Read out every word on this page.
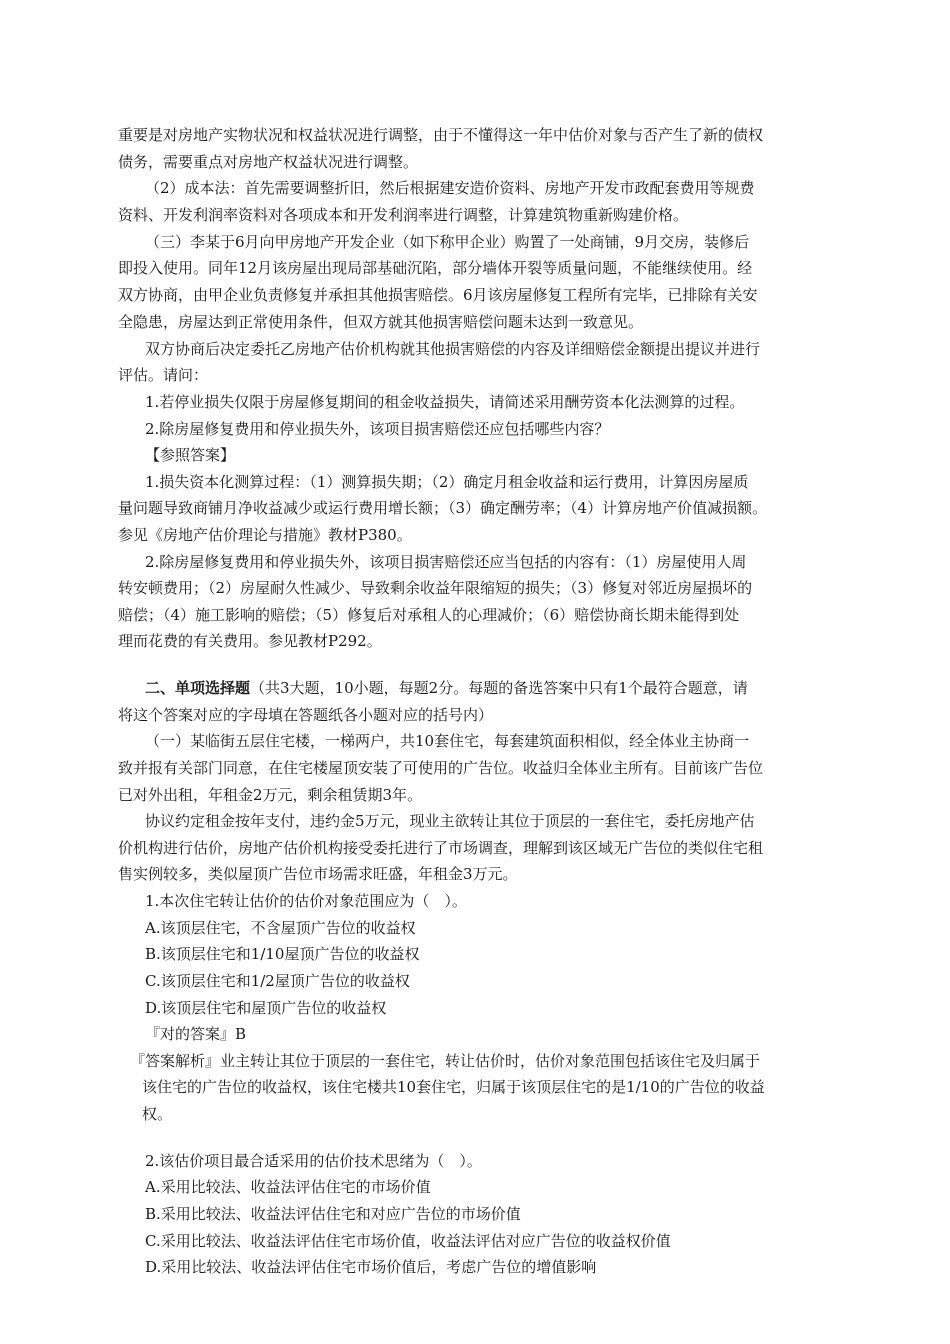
重要是对房地产实物状况和权益状况进行调整，由于不懂得这一年中估价对象与否产生了新的债权
债务，需要重点对房地产权益状况进行调整。
（2）成本法：首先需要调整折旧，然后根据建安造价资料、房地产开发市政配套费用等规费
资料、开发利润率资料对各项成本和开发利润率进行调整，计算建筑物重新购建价格。
（三）李某于6月向甲房地产开发企业（如下称甲企业）购置了一处商铺，9月交房，装修后
即投入使用。同年12月该房屋出现局部基础沉陷，部分墙体开裂等质量问题，不能继续使用。经
双方协商，由甲企业负责修复并承担其他损害赔偿。6月该房屋修复工程所有完毕，已排除有关安
全隐患，房屋达到正常使用条件，但双方就其他损害赔偿问题未达到一致意见。
双方协商后决定委托乙房地产估价机构就其他损害赔偿的内容及详细赔偿金额提出提议并进行
评估。请问：
1.若停业损失仅限于房屋修复期间的租金收益损失，请简述采用酬劳资本化法测算的过程。
2.除房屋修复费用和停业损失外，该项目损害赔偿还应包括哪些内容？
【参照答案】
1.损失资本化测算过程：（1）测算损失期；（2）确定月租金收益和运行费用，计算因房屋质
量问题导致商铺月净收益减少或运行费用增长额；（3）确定酬劳率；（4）计算房地产价值减损额。
参见《房地产估价理论与措施》教材P380。
2.除房屋修复费用和停业损失外，该项目损害赔偿还应当包括的内容有：（1）房屋使用人周
转安顿费用；（2）房屋耐久性减少、导致剩余收益年限缩短的损失；（3）修复对邻近房屋损坏的
赔偿；（4）施工影响的赔偿；（5）修复后对承租人的心理减价；（6）赔偿协商长期未能得到处
理而花费的有关费用。参见教材P292。
二、单项选择题（共3大题，10小题，每题2分。每题的备选答案中只有1个最符合题意，请
将这个答案对应的字母填在答题纸各小题对应的括号内）
（一）某临街五层住宅楼，一梯两户，共10套住宅，每套建筑面积相似，经全体业主协商一
致并报有关部门同意，在住宅楼屋顶安装了可使用的广告位。收益归全体业主所有。目前该广告位
已对外出租，年租金2万元，剩余租赁期3年。
协议约定租金按年支付，违约金5万元，现业主欲转让其位于顶层的一套住宅，委托房地产估
价机构进行估价，房地产估价机构接受委托进行了市场调查，理解到该区域无广告位的类似住宅租
售实例较多，类似屋顶广告位市场需求旺盛，年租金3万元。
1.本次住宅转让估价的估价对象范围应为（　）。
A.该顶层住宅，不含屋顶广告位的收益权
B.该顶层住宅和1/10屋顶广告位的收益权
C.该顶层住宅和1/2屋顶广告位的收益权
D.该顶层住宅和屋顶广告位的收益权
『对的答案』B
『答案解析』业主转让其位于顶层的一套住宅，转让估价时，估价对象范围包括该住宅及归属于
该住宅的广告位的收益权，该住宅楼共10套住宅，归属于该顶层住宅的是1/10的广告位的收益
权。
2.该估价项目最合适采用的估价技术思绪为（　）。
A.采用比较法、收益法评估住宅的市场价值
B.采用比较法、收益法评估住宅和对应广告位的市场价值
C.采用比较法、收益法评估住宅市场价值，收益法评估对应广告位的收益权价值
D.采用比较法、收益法评估住宅市场价值后，考虑广告位的增值影响
